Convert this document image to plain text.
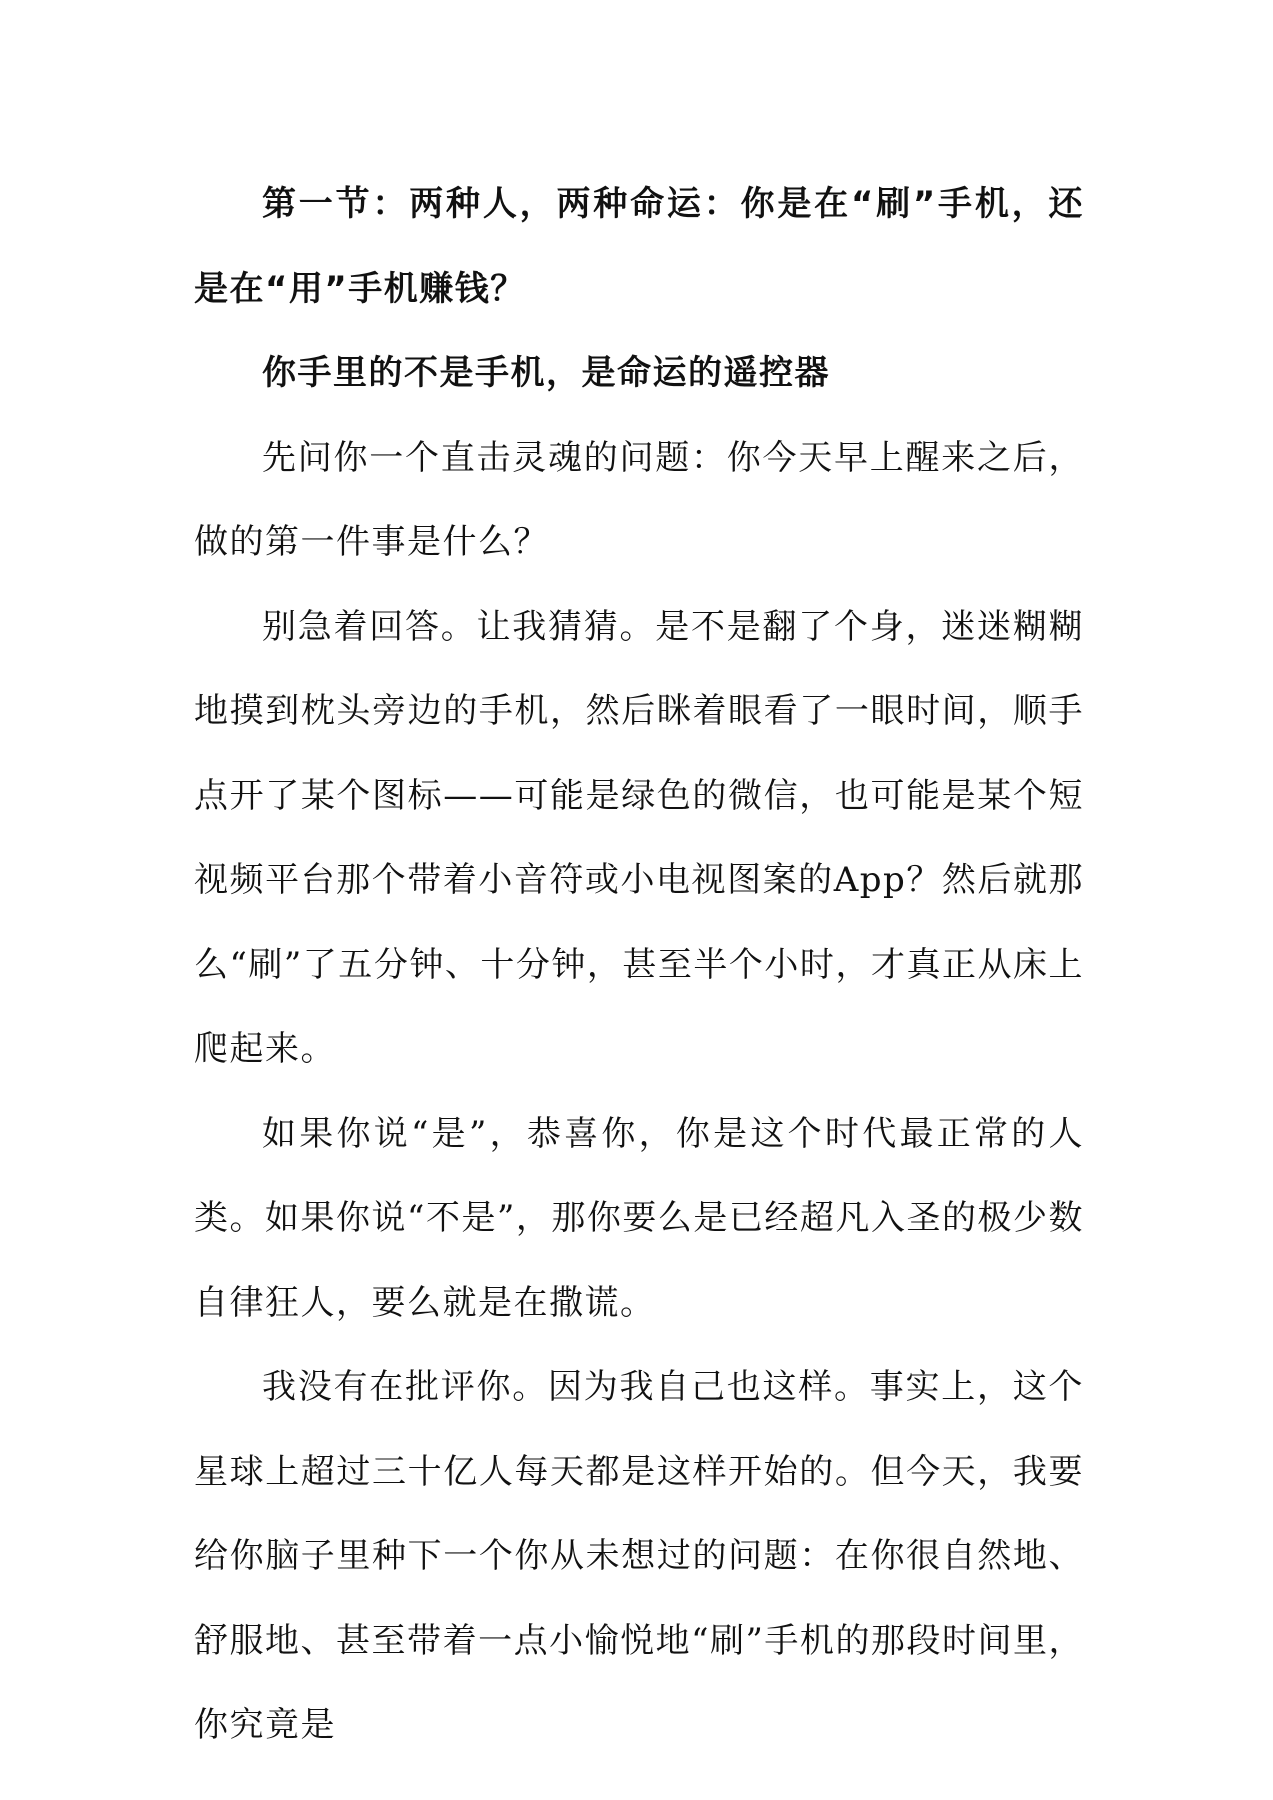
第一节：两种人，两种命运：你是在“刷”手机，还是在“用”手机赚钱？

你手里的不是手机，是命运的遥控器

先问你一个直击灵魂的问题：你今天早上醒来之后，做的第一件事是什么？

别急着回答。让我猜猜。是不是翻了个身，迷迷糊糊地摸到枕头旁边的手机，然后眯着眼看了一眼时间，顺手点开了某个图标——可能是绿色的微信，也可能是某个短视频平台那个带着小音符或小电视图案的App？然后就那么“刷”了五分钟、十分钟，甚至半个小时，才真正从床上爬起来。

如果你说“是”，恭喜你，你是这个时代最正常的人类。如果你说“不是”，那你要么是已经超凡入圣的极少数自律狂人，要么就是在撒谎。

我没有在批评你。因为我自己也这样。事实上，这个星球上超过三十亿人每天都是这样开始的。但今天，我要给你脑子里种下一个你从未想过的问题：在你很自然地、舒服地、甚至带着一点小愉悦地“刷”手机的那段时间里，你究竟是
